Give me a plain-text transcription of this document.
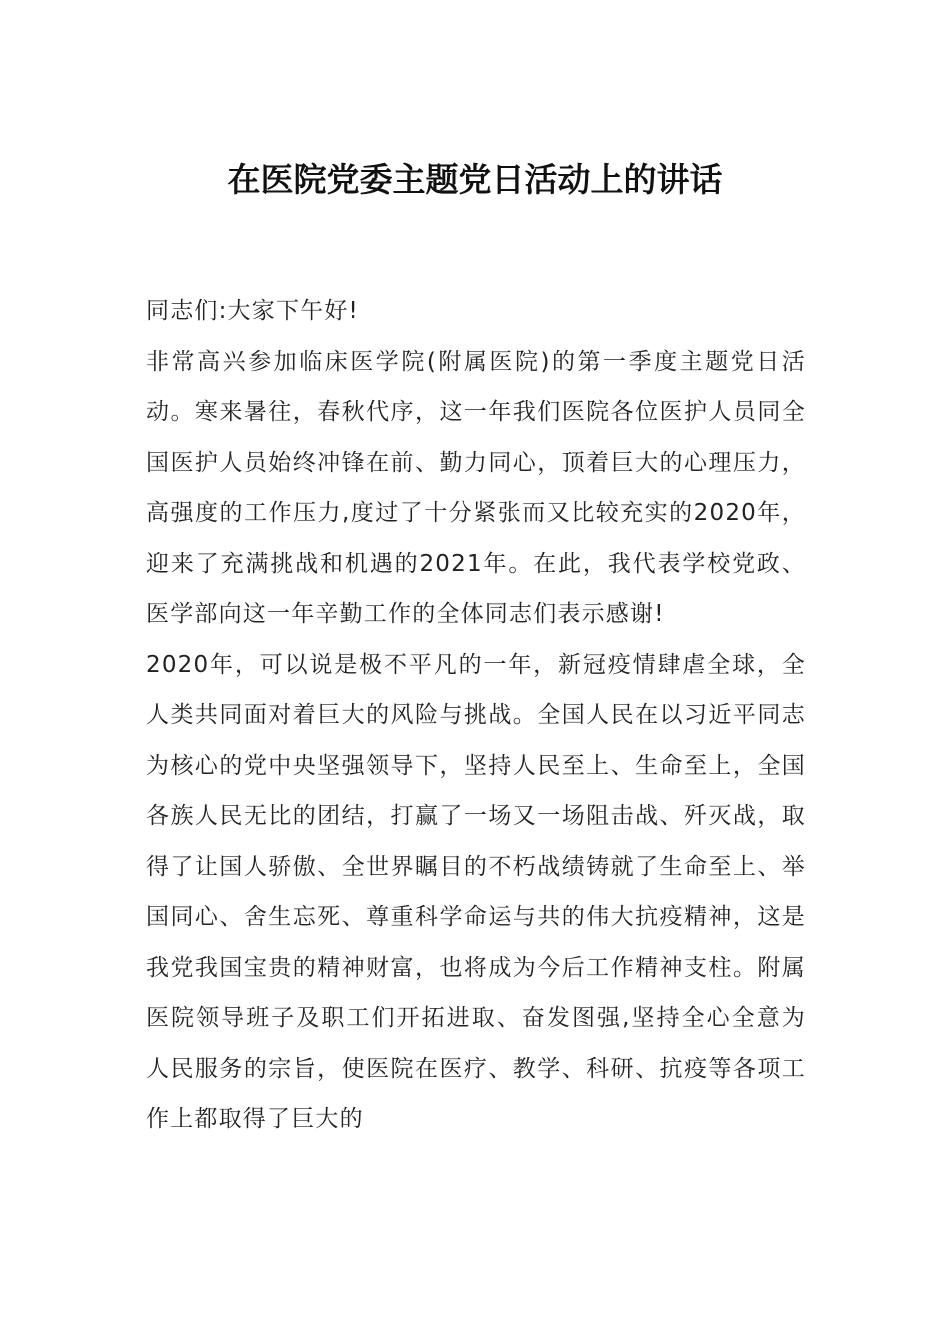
在医院党委主题党日活动上的讲话

同志们:大家下午好!

非常高兴参加临床医学院(附属医院)的第一季度主题党日活动。寒来暑往，春秋代序，这一年我们医院各位医护人员同全国医护人员始终冲锋在前、勤力同心，顶着巨大的心理压力，高强度的工作压力,度过了十分紧张而又比较充实的2020年，迎来了充满挑战和机遇的2021年。在此，我代表学校党政、医学部向这一年辛勤工作的全体同志们表示感谢!

2020年，可以说是极不平凡的一年，新冠疫情肆虐全球，全人类共同面对着巨大的风险与挑战。全国人民在以习近平同志为核心的党中央坚强领导下，坚持人民至上、生命至上，全国各族人民无比的团结，打赢了一场又一场阻击战、歼灭战，取得了让国人骄傲、全世界瞩目的不朽战绩铸就了生命至上、举国同心、舍生忘死、尊重科学命运与共的伟大抗疫精神，这是我党我国宝贵的精神财富，也将成为今后工作精神支柱。附属医院领导班子及职工们开拓进取、奋发图强,坚持全心全意为人民服务的宗旨，使医院在医疗、教学、科研、抗疫等各项工作上都取得了巨大的
